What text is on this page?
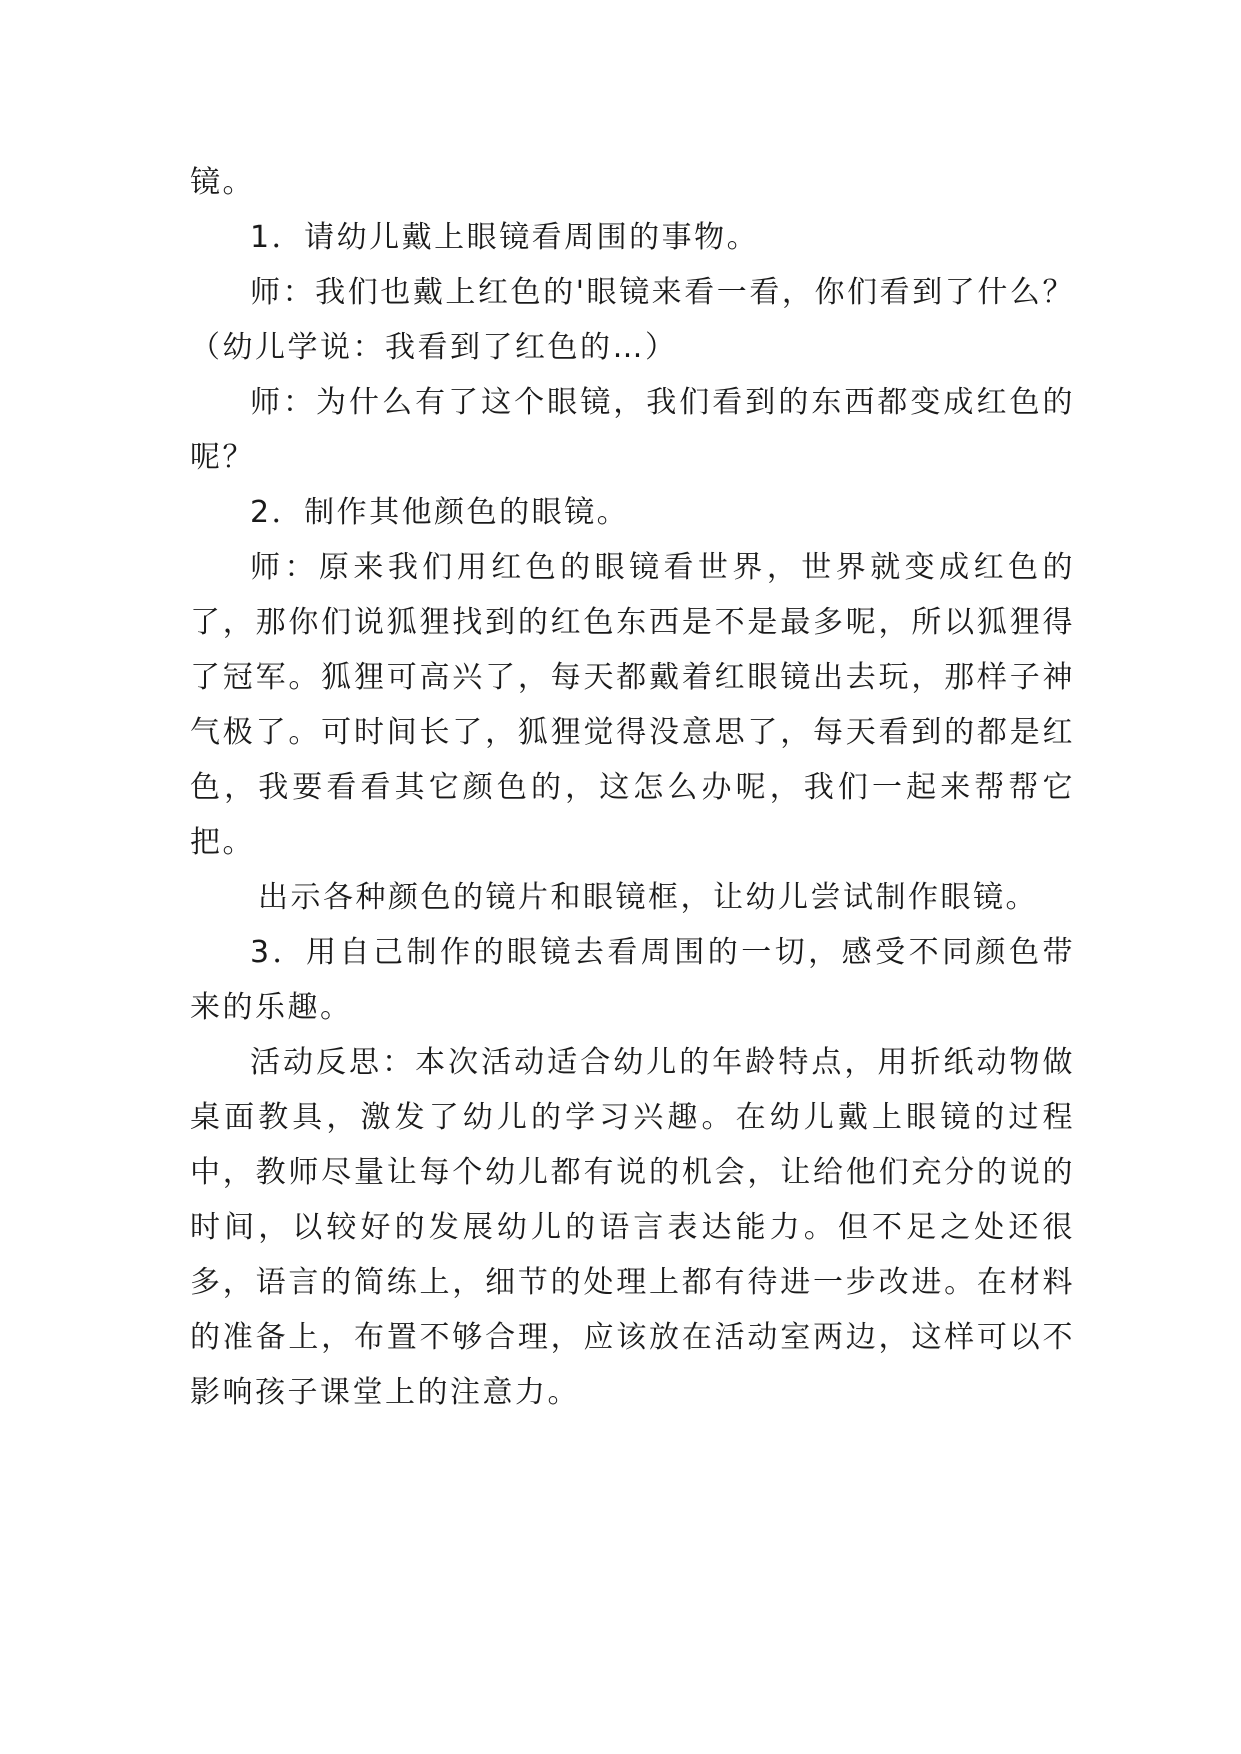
镜。

1．请幼儿戴上眼镜看周围的事物。

师：我们也戴上红色的'眼镜来看一看，你们看到了什么？（幼儿学说：我看到了红色的…）

师：为什么有了这个眼镜，我们看到的东西都变成红色的呢？

2．制作其他颜色的眼镜。

师：原来我们用红色的眼镜看世界，世界就变成红色的了，那你们说狐狸找到的红色东西是不是最多呢，所以狐狸得了冠军。狐狸可高兴了，每天都戴着红眼镜出去玩，那样子神气极了。可时间长了，狐狸觉得没意思了，每天看到的都是红色，我要看看其它颜色的，这怎么办呢，我们一起来帮帮它把。

出示各种颜色的镜片和眼镜框，让幼儿尝试制作眼镜。

3．用自己制作的眼镜去看周围的一切，感受不同颜色带来的乐趣。

活动反思：本次活动适合幼儿的年龄特点，用折纸动物做桌面教具，激发了幼儿的学习兴趣。在幼儿戴上眼镜的过程中，教师尽量让每个幼儿都有说的机会，让给他们充分的说的时间，以较好的发展幼儿的语言表达能力。但不足之处还很多，语言的简练上，细节的处理上都有待进一步改进。在材料的准备上，布置不够合理，应该放在活动室两边，这样可以不影响孩子课堂上的注意力。
